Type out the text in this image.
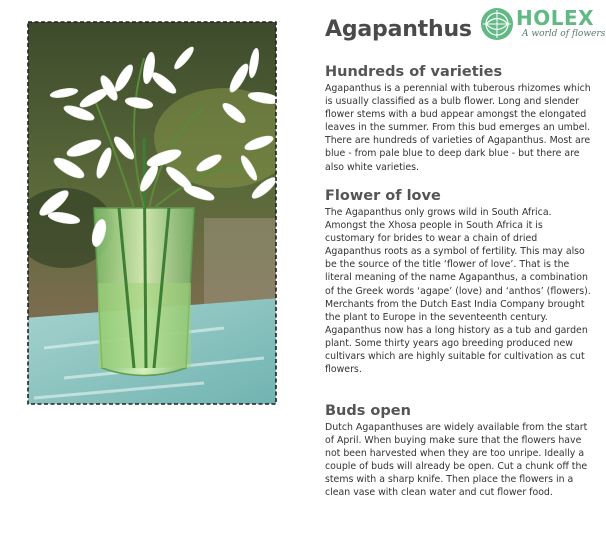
Agapanthus HOLEX

A world of flowers
Hundreds of varieties

Agapanthus is a perennial with tuberous rhizomes which is usually classified as a bulb flower. Long and slender flower stems with a bud appear amongst the elongated leaves in the summer. From this bud emerges an umbel. There are hundreds of varieties of Agapanthus. Most are blue - from pale blue to deep dark blue - but there are also white varieties.

Flower of love

The Agapanthus only grows wild in South Africa. Amongst the Xhosa people in South Africa it is customary for brides to wear a chain of dried Agapanthus roots as a symbol of fertility. This may also be the source of the title ‘flower of love’. That is the literal meaning of the name Agapanthus, a combination of the Greek words ‘agape’ (love) and ‘anthos’ (flowers).

Merchants from the Dutch East India Company brought the plant to Europe in the seventeenth century. Agapanthus now has a long history as a tub and garden plant. Some thirty years ago breeding produced new cultivars which are highly suitable for cultivation as cut flowers.

Buds open

Dutch Agapanthuses are widely available from the start of April. When buying make sure that the flowers have not been harvested when they are too unripe. Ideally a couple of buds will already be open. Cut a chunk off the stems with a sharp knife. Then place the flowers in a clean vase with clean water and cut flower food.
